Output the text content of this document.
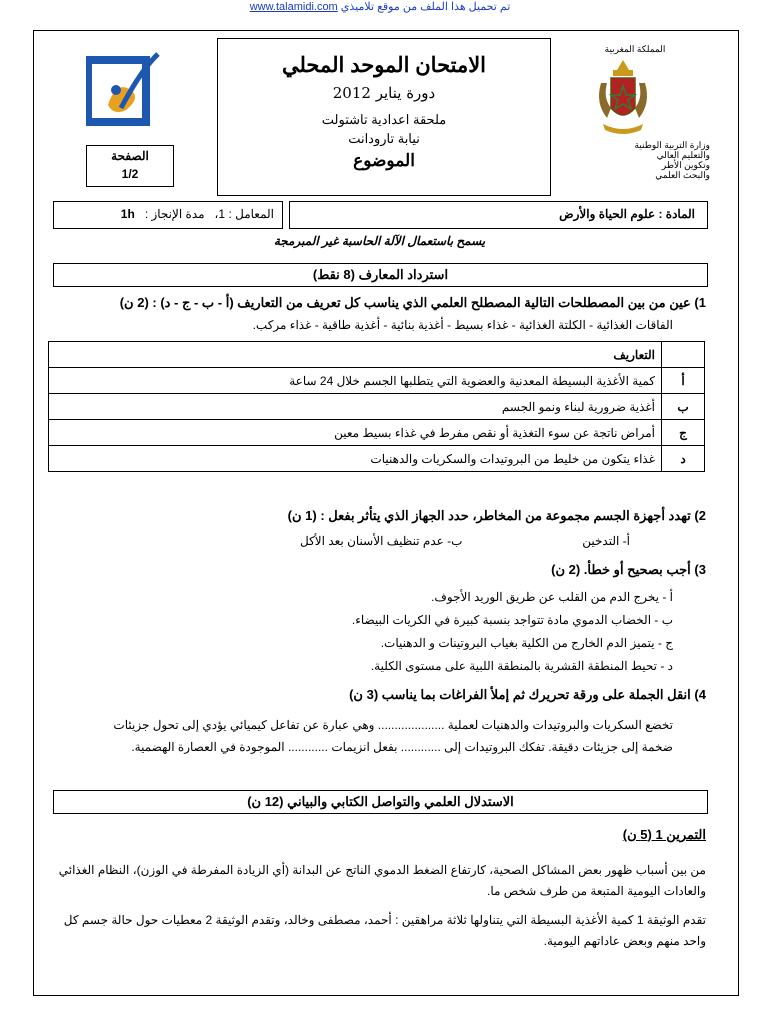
www.talamidi.com تم تحميل هذا الملف من موقع تلاميذي
الصفحة
1/2
الامتحان الموحد المحلي
دورة يناير 2012
ملحقة اعدادية تاشتولت
نيابة تارودانت
الموضوع
المملكة المغربية
وزارة التربية الوطنية
والتعليم العالي
وتكوين الأطر
والبحث العلمي
المادة : علوم الحياة والأرض
المعامل : 1،
مدة الإنجاز :
1h
يسمح باستعمال الآلة الحاسبة غير المبرمجة
استرداد المعارف (8 نقط)
1) عين من بين المصطلحات التالية المصطلح العلمي الذي يناسب كل تعريف من التعاريف (أ - ب - ج - د) : (2 ن)
الفاقات الغذائية - الكلتة الغذائية - غذاء بسيط - أغذية بنائية - أغذية طاقية - غذاء مركب.
	التعاريف
أ	كمية الأغذية البسيطة المعدنية والعضوية التي يتطلبها الجسم خلال 24 ساعة
ب	أغذية ضرورية لبناء ونمو الجسم
ج	أمراض ناتجة عن سوء التغذية أو نقص مفرط في غذاء بسيط معين
د	غذاء يتكون من خليط من البروتيدات والسكريات والدهنيات
2) تهدد أجهزة الجسم مجموعة من المخاطر، حدد الجهاز الذي يتأثر بفعل : (1 ن)
أ- التدخين
ب- عدم تنظيف الأسنان بعد الأكل
3) أجب بصحيح أو خطأ. (2 ن)
أ - يخرج الدم من القلب عن طريق الوريد الأجوف.
ب - الخضاب الدموي مادة تتواجد بنسبة كبيرة في الكريات البيضاء.
ج - يتميز الدم الخارج من الكلية بغياب البروتينات و الدهنيات.
د - تحيط المنطقة القشرية بالمنطقة اللبية على مستوى الكلية.
4) انقل الجملة على ورقة تحريرك ثم إملأ الفراغات بما يناسب (3 ن)
تخضع السكريات والبروتيدات والدهنيات لعملية .................... وهي عبارة عن تفاعل كيميائي يؤدي إلى تحول جزيئات
ضخمة إلى جزيئات دقيقة. تفكك البروتيدات إلى ............ بفعل انزيمات ............ الموجودة في العصارة الهضمية.
الاستدلال العلمي والتواصل الكتابي والبياني (12 ن)
التمرين 1 (5 ن)
من بين أسباب ظهور بعض المشاكل الصحية، كارتفاع الضغط الدموي الناتج عن البدانة (أي الزيادة المفرطة في الوزن)، النظام الغذائي
والعادات اليومية المتبعة من طرف شخص ما.
تقدم الوثيقة 1 كمية الأغذية البسيطة التي يتناولها ثلاثة مراهقين : أحمد، مصطفى وخالد، وتقدم الوثيقة 2 معطيات حول حالة جسم كل
واحد منهم وبعض عاداتهم اليومية.
